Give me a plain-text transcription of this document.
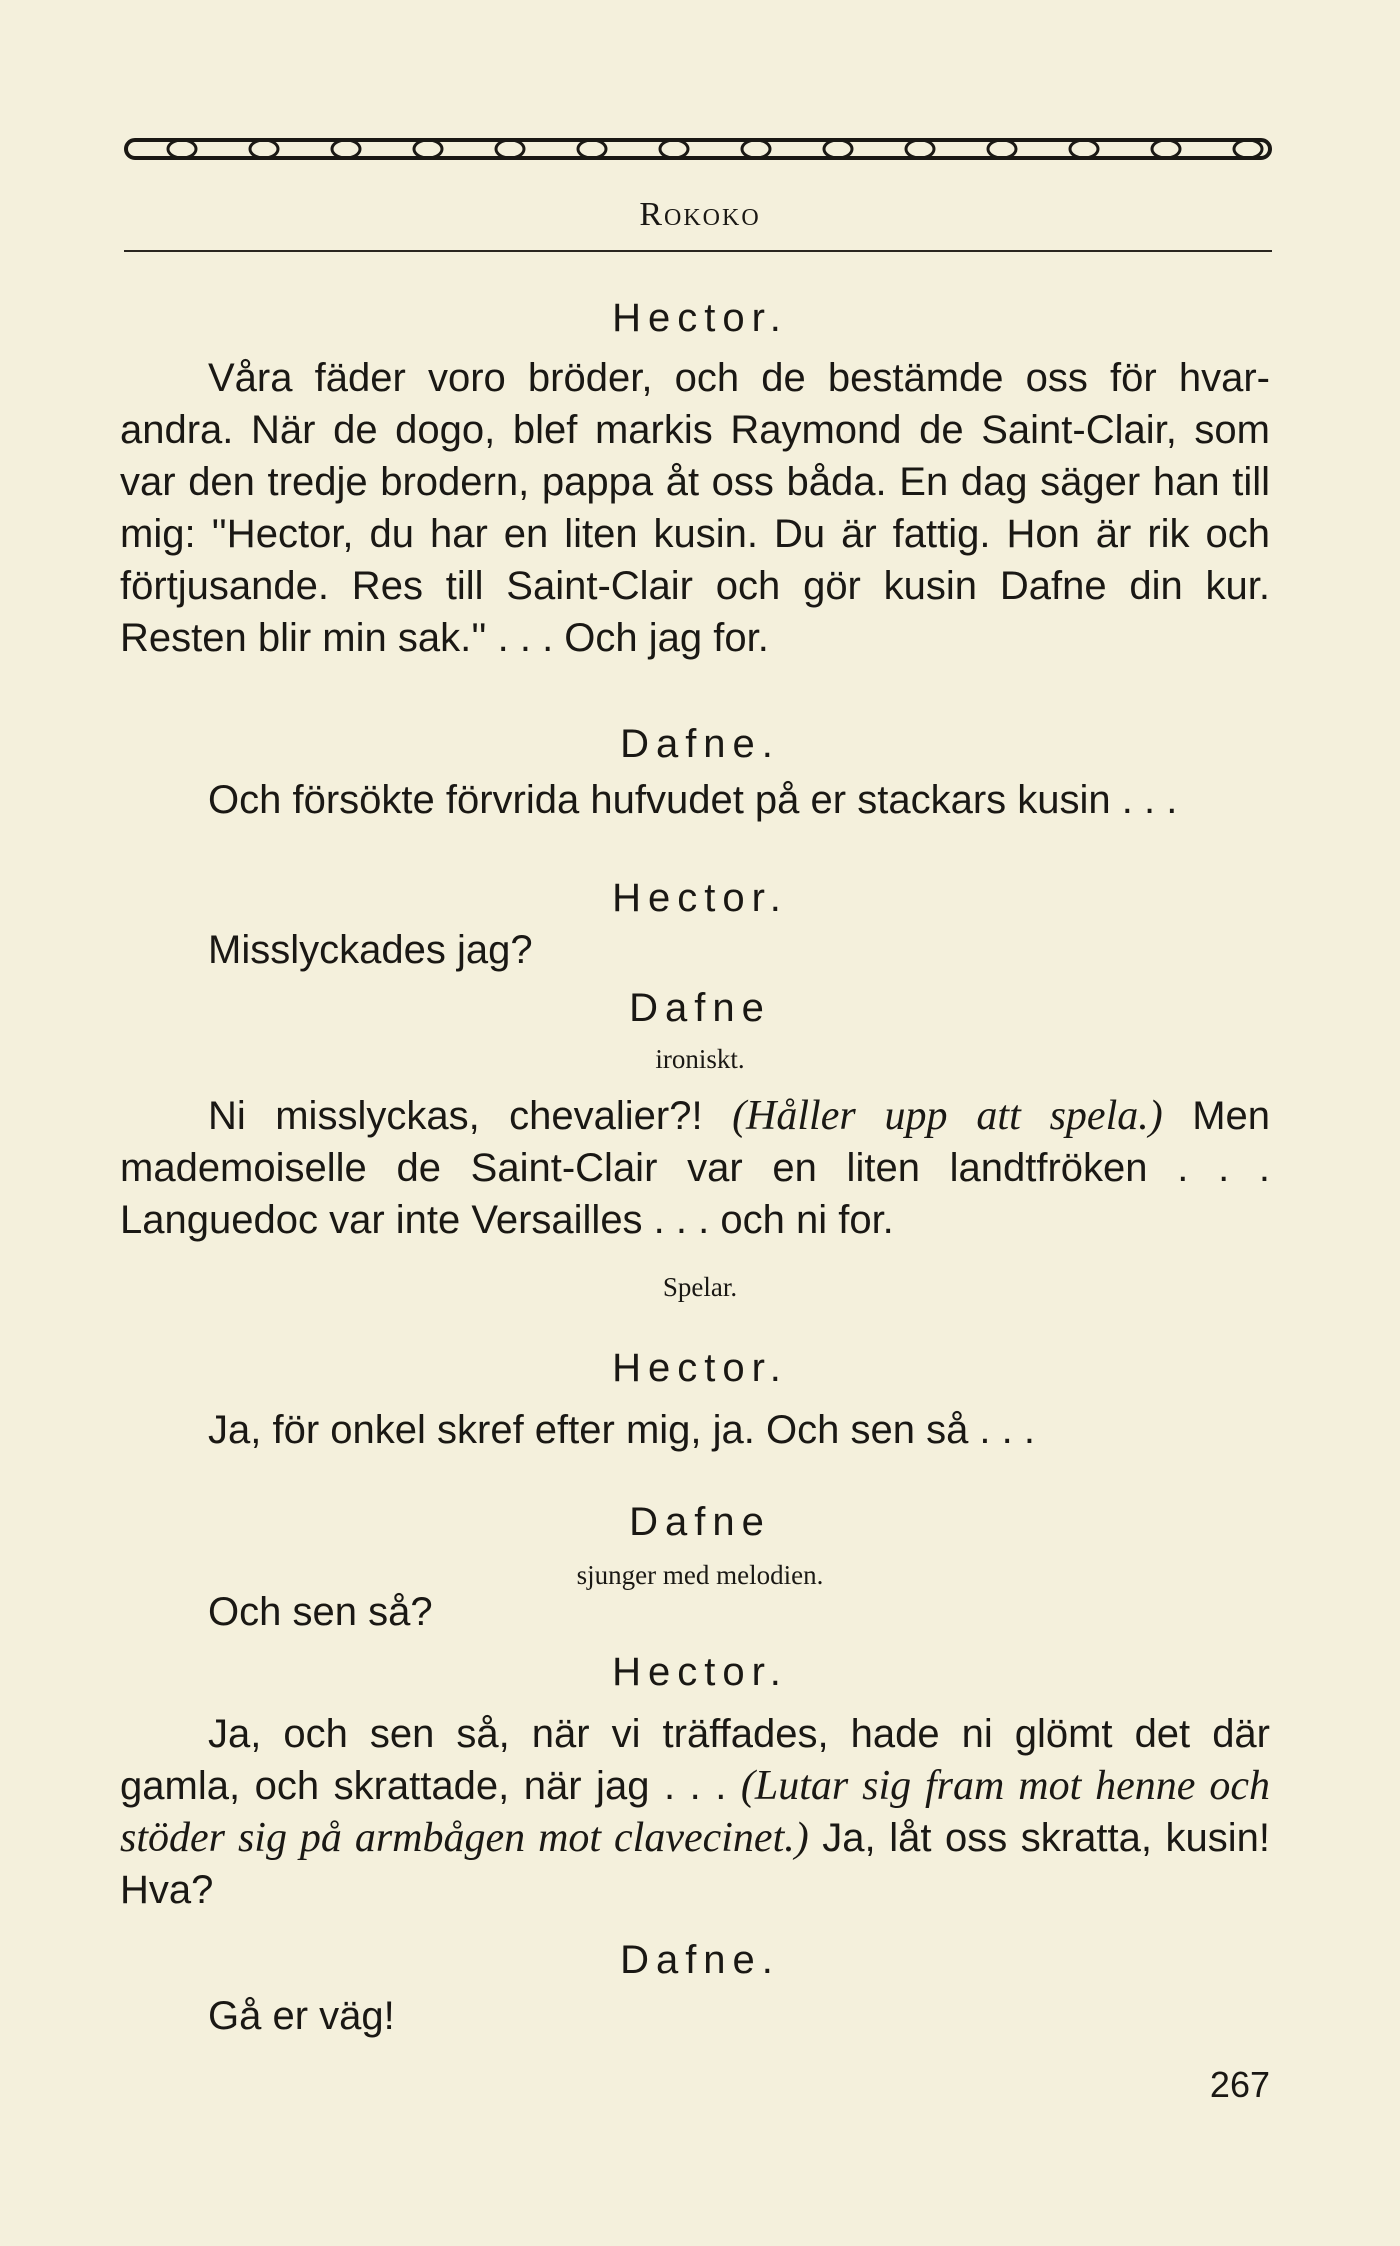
Rokoko
Hector.

Våra fäder voro bröder, och de bestämde oss för hvar-andra. När de dogo, blef markis Raymond de Saint-Clair, som var den tredje brodern, pappa åt oss båda. En dag säger han till mig: ''Hector, du har en liten kusin. Du är fattig. Hon är rik och förtjusande. Res till Saint-Clair och gör kusin Dafne din kur. Resten blir min sak.'' . . . Och jag for.

Dafne.
Och försökte förvrida hufvudet på er stackars kusin . . .
Hector.
Misslyckades jag?
Dafne
ironiskt.

Ni misslyckas, chevalier?! (Håller upp att spela.) Men mademoiselle de Saint-Clair var en liten landtfröken . . . Languedoc var inte Versailles . . . och ni for.

Spelar.
Hector.
Ja, för onkel skref efter mig, ja. Och sen så . . .
Dafne
sjunger med melodien.
Och sen så?
Hector.

Ja, och sen så, när vi träffades, hade ni glömt det där gamla, och skrattade, när jag . . . (Lutar sig fram mot henne och stöder sig på armbågen mot clavecinet.) Ja, låt oss skratta, kusin! Hva?

Dafne.
Gå er väg!
267
